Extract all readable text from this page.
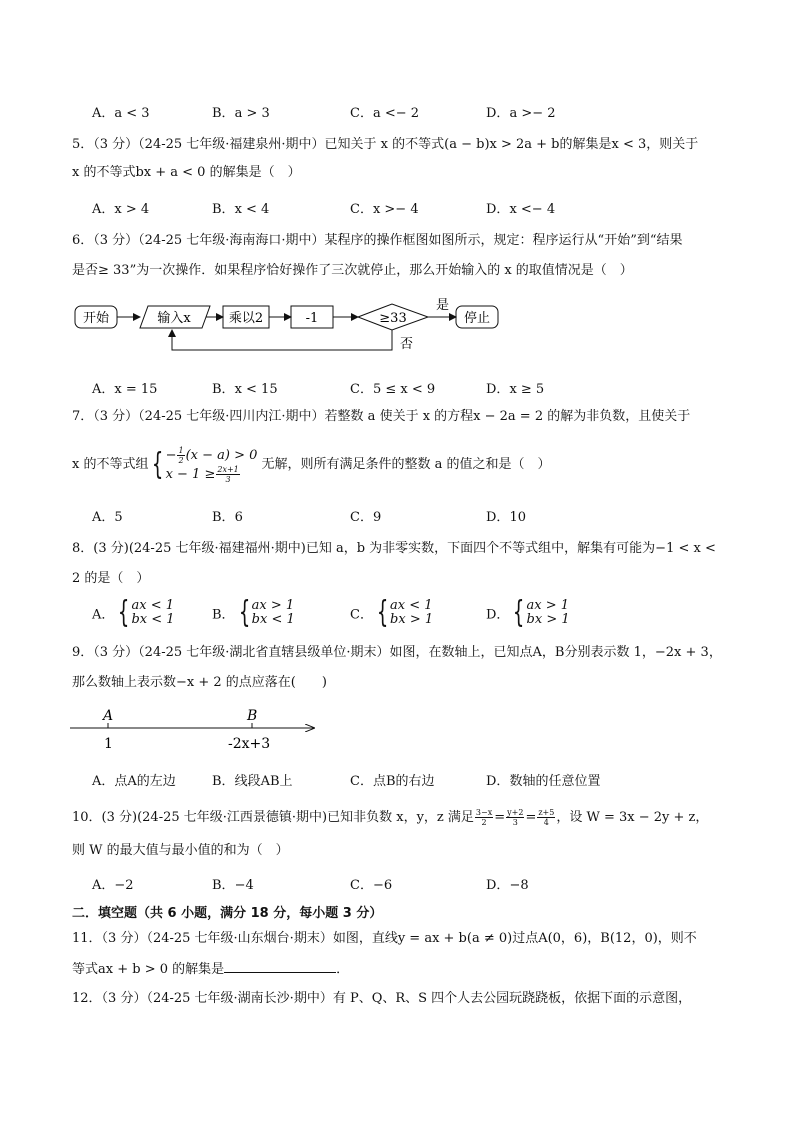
A．a < 3	B．a > 3	C．a <− 2	D．a >− 2
5．（3 分）（24-25 七年级·福建泉州·期中）已知关于 x 的不等式(a − b)x > 2a + b的解集是x < 3，则关于
x 的不等式bx + a < 0 的解集是（　）
A．x > 4	B．x < 4	C．x >− 4	D．x <− 4
6．（3 分）（24-25 七年级·海南海口·期中）某程序的操作框图如图所示，规定：程序运行从“开始”到“结果
是否≥ 33”为一次操作．如果程序恰好操作了三次就停止，那么开始输入的 x 的取值情况是（　）
开始	输入x	乘以2	-1	≥33
是
停止
否
A．x = 15	B．x < 15	C．5 ≤ x < 9	D．x ≥ 5
7．（3 分）（24-25 七年级·四川内江·期中）若整数 a 使关于 x 的方程x − 2a = 2 的解为非负数，且使关于
x 的不等式组 { − $\frac{1}{2} (x - a) > 0$
$x - 1 \ge \frac{2x+1}{3}$ 无解，则所有满足条件的整数 a 的值之和是（　）
A．5	B．6	C．9	D．10
8．(3 分)(24-25 七年级·福建福州·期中)已知 a，b 为非零实数，下面四个不等式组中，解集有可能为−1 < x <
2 的是（　）
A． { ax < 1
bx < 1	B． { ax > 1
bx < 1	C． { ax < 1
bx > 1	D． { ax > 1
bx > 1
9．（3 分）（24-25 七年级·湖北省直辖县级单位·期末）如图，在数轴上，已知点A，B分别表示数 1，−2x + 3，
那么数轴上表示数−x + 2 的点应落在(　　)
A	B
1	-2x+3
A．点A的左边	B．线段AB上	C．点B的右边	D．数轴的任意位置
10．(3 分)(24-25 七年级·江西景德镇·期中)已知非负数 x，y，z 满足 $\frac{3-x}{2} = \frac{y+2}{3} = \frac{z+5}{4}$ ，设 W = 3x − 2y + z，
则 W 的最大值与最小值的和为（　）
A．−2	B．−4	C．−6	D．−8
二．填空题（共 6 小题，满分 18 分，每小题 3 分）
11．（3 分）（24-25 七年级·山东烟台·期末）如图，直线y = ax + b(a ≠ 0)过点A(0，6)，B(12，0)，则不
等式ax + b > 0 的解集是	．
12．（3 分）（24-25 七年级·湖南长沙·期中）有 P、Q、R、S 四个人去公园玩跷跷板，依据下面的示意图，
